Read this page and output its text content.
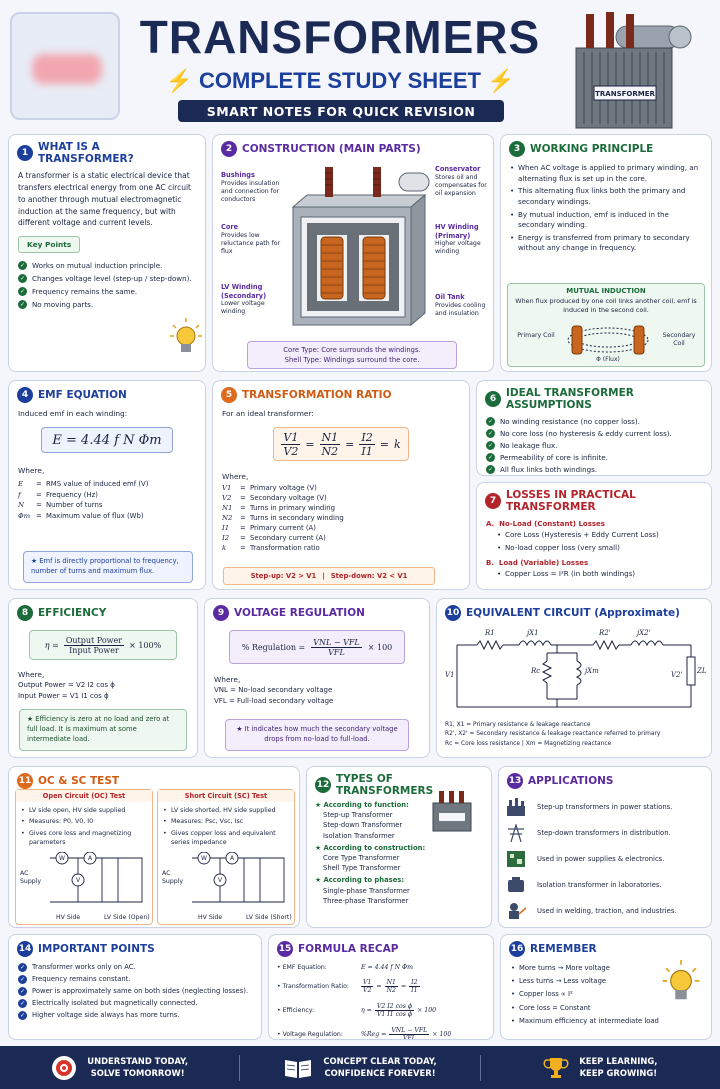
TRANSFORMERS
⚡ COMPLETE STUDY SHEET ⚡
SMART NOTES FOR QUICK REVISION
TRANSFORMER
1 WHAT IS A TRANSFORMER?
A transformer is a static electrical device that transfers electrical energy from one AC circuit to another through mutual electromagnetic induction at the same frequency, but with different voltage and current levels.
Key Points
✓ Works on mutual induction principle.
✓ Changes voltage level (step-up / step-down).
✓ Frequency remains the same.
✓ No moving parts.
2 CONSTRUCTION (MAIN PARTS)
Bushings
Provides insulation and connection for conductors
Core
Provides low reluctance path for flux
LV Winding (Secondary)
Lower voltage winding
Conservator
Stores oil and compensates for oil expansion
HV Winding (Primary)
Higher voltage winding
Oil Tank
Provides cooling and insulation
Core Type: Core surrounds the windings.
Shell Type: Windings surround the core.
3 WORKING PRINCIPLE
• When AC voltage is applied to primary winding, an alternating flux is set up in the core.
• This alternating flux links both the primary and secondary windings.
• By mutual induction, emf is induced in the secondary winding.
• Energy is transferred from primary to secondary without any change in frequency.
MUTUAL INDUCTION
When flux produced by one coil links another coil, emf is induced in the second coil.
Primary Coil	Secondary Coil
Φ (Flux)
4 EMF EQUATION
Induced emf in each winding:
E = 4.44 f N Φm
Where,
E	= RMS value of induced emf (V)
f	= Frequency (Hz)
N	= Number of turns
Φm = Maximum value of flux (Wb)
★ Emf is directly proportional to frequency, number of turns and maximum flux.
5 TRANSFORMATION RATIO
For an ideal transformer:
$\frac{V1}{V2} = \frac{N1}{N2} = \frac{I2}{I1} = k$
Where,
V1	= Primary voltage (V)
V2	= Secondary voltage (V)
N1	= Turns in primary winding
N2	= Turns in secondary winding
I1	= Primary current (A)
I2	= Secondary current (A)
k	= Transformation ratio
Step-up: V2 > V1 | Step-down: V2 < V1
6 IDEAL TRANSFORMER ASSUMPTIONS
✓ No winding resistance (no copper loss).
✓ No core loss (no hysteresis & eddy current loss).
✓ No leakage flux.
✓ Permeability of core is infinite.
✓ All flux links both windings.
7 LOSSES IN PRACTICAL TRANSFORMER
A.  No-Load (Constant) Losses
• Core Loss (Hysteresis + Eddy Current Loss)
• No-load copper loss (very small)
B.  Load (Variable) Losses
• Copper Loss = I²R (in both windings)
8 EFFICIENCY
$\eta = \frac{\text{Output Power}}{\text{Input Power}} \times 100\%$
Where,
Output Power = V2 I2 cos ϕ
Input Power = V1 I1 cos ϕ
★ Efficiency is zero at no load and zero at full load. It is maximum at some intermediate load.
9 VOLTAGE REGULATION
% Regulation = $\frac{\text{VNL − VFL}}{\text{VFL}} \times 100$
Where,
VNL = No-load secondary voltage
VFL = Full-load secondary voltage
★ It indicates how much the secondary voltage drops from no-load to full-load.
10 EQUIVALENT CIRCUIT (Approximate)
R1	jX1	R2'	jX2'
V1	V2'
Rc	jXm	ZL
R1, X1 = Primary resistance & leakage reactance
R2', X2' = Secondary resistance & leakage reactance referred to primary
Rc = Core loss resistance | Xm = Magnetizing reactance
11 OC & SC TEST
Open Circuit (OC) Test
• LV side open, HV side supplied
• Measures: P0, V0, I0
• Gives core loss and magnetizing parameters
W	A
V
AC Supply
HV Side	LV Side (Open)
Short Circuit (SC) Test
• LV side shorted, HV side supplied
• Measures: Psc, Vsc, Isc
• Gives copper loss and equivalent series impedance
W	A
V
AC Supply
HV Side	LV Side (Short)
12 TYPES OF TRANSFORMERS
★ According to function:
Step-up Transformer
Step-down Transformer
Isolation Transformer
★ According to construction:
Core Type Transformer
Shell Type Transformer
★ According to phases:
Single-phase Transformer
Three-phase Transformer
13 APPLICATIONS
Step-up transformers in power stations.
Step-down transformers in distribution.
Used in power supplies & electronics.
Isolation transformer in laboratories.
Used in welding, traction, and industries.
14 IMPORTANT POINTS
✓ Transformer works only on AC.
✓ Frequency remains constant.
✓ Power is approximately same on both sides (neglecting losses).
✓ Electrically isolated but magnetically connected.
✓ Higher voltage side always has more turns.
15 FORMULA RECAP
• EMF Equation:	E = 4.44 f N Φm
• Transformation Ratio:	$\frac{V1}{V2} = \frac{N1}{N2} = \frac{I2}{I1}$
• Efficiency:	$\eta = \frac{\text{V2 I2 cos ϕ}}{\text{V1 I1 cos ϕ}} \times 100$
• Voltage Regulation:	$\%Reg = \frac{\text{VNL − VFL}}{\text{VFL}} \times 100$
16 REMEMBER
• More turns → More voltage
• Less turns → Less voltage
• Copper loss ∝ I²
• Core loss = Constant
• Maximum efficiency at intermediate load
UNDERSTAND TODAY,
SOLVE TOMORROW!
CONCEPT CLEAR TODAY,
CONFIDENCE FOREVER!
KEEP LEARNING,
KEEP GROWING!
